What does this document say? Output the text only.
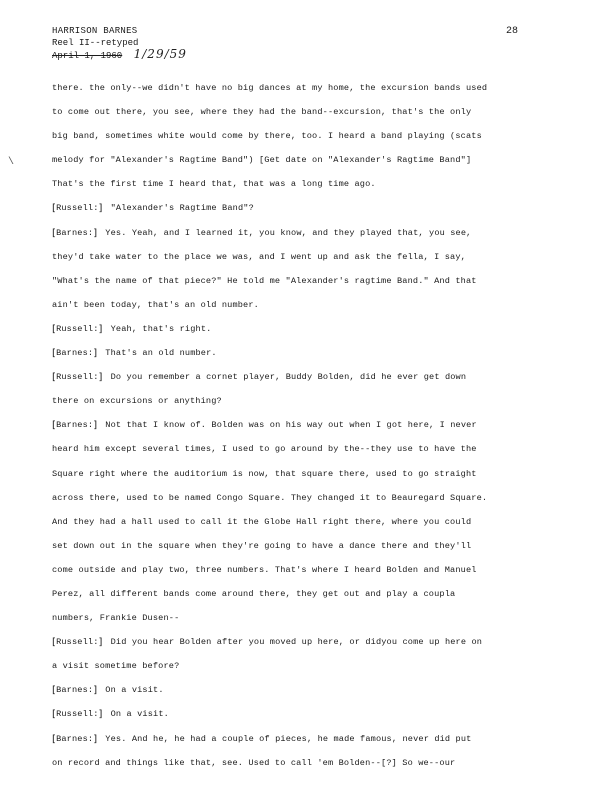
HARRISON BARNES
Reel II--retyped
April 1, 1960 1/29/59
28
\
there. the only--we didn't have no big dances at my home, the excursion bands used
to come out there, you see, where they had the band--excursion, that's the only
big band, sometimes white would come by there, too. I heard a band playing (scats
melody for "Alexander's Ragtime Band") [Get date on "Alexander's Ragtime Band"]
That's the first time I heard that, that was a long time ago.
[Russell:] "Alexander's Ragtime Band"?
[Barnes:] Yes. Yeah, and I learned it, you know, and they played that, you see,
they'd take water to the place we was, and I went up and ask the fella, I say,
"What's the name of that piece?" He told me "Alexander's ragtime Band." And that
ain't been today, that's an old number.
[Russell:] Yeah, that's right.
[Barnes:] That's an old number.
[Russell:] Do you remember a cornet player, Buddy Bolden, did he ever get down
there on excursions or anything?
[Barnes:] Not that I know of. Bolden was on his way out when I got here, I never
heard him except several times, I used to go around by the--they use to have the
Square right where the auditorium is now, that square there, used to go straight
across there, used to be named Congo Square. They changed it to Beauregard Square.
And they had a hall used to call it the Globe Hall right there, where you could
set down out in the square when they're going to have a dance there and they'll
come outside and play two, three numbers. That's where I heard Bolden and Manuel
Perez, all different bands come around there, they get out and play a coupla
numbers, Frankie Dusen--
[Russell:] Did you hear Bolden after you moved up here, or didyou come up here on
a visit sometime before?
[Barnes:] On a visit.
[Russell:] On a visit.
[Barnes:] Yes. And he, he had a couple of pieces, he made famous, never did put
on record and things like that, see. Used to call 'em Bolden--[?] So we--our
